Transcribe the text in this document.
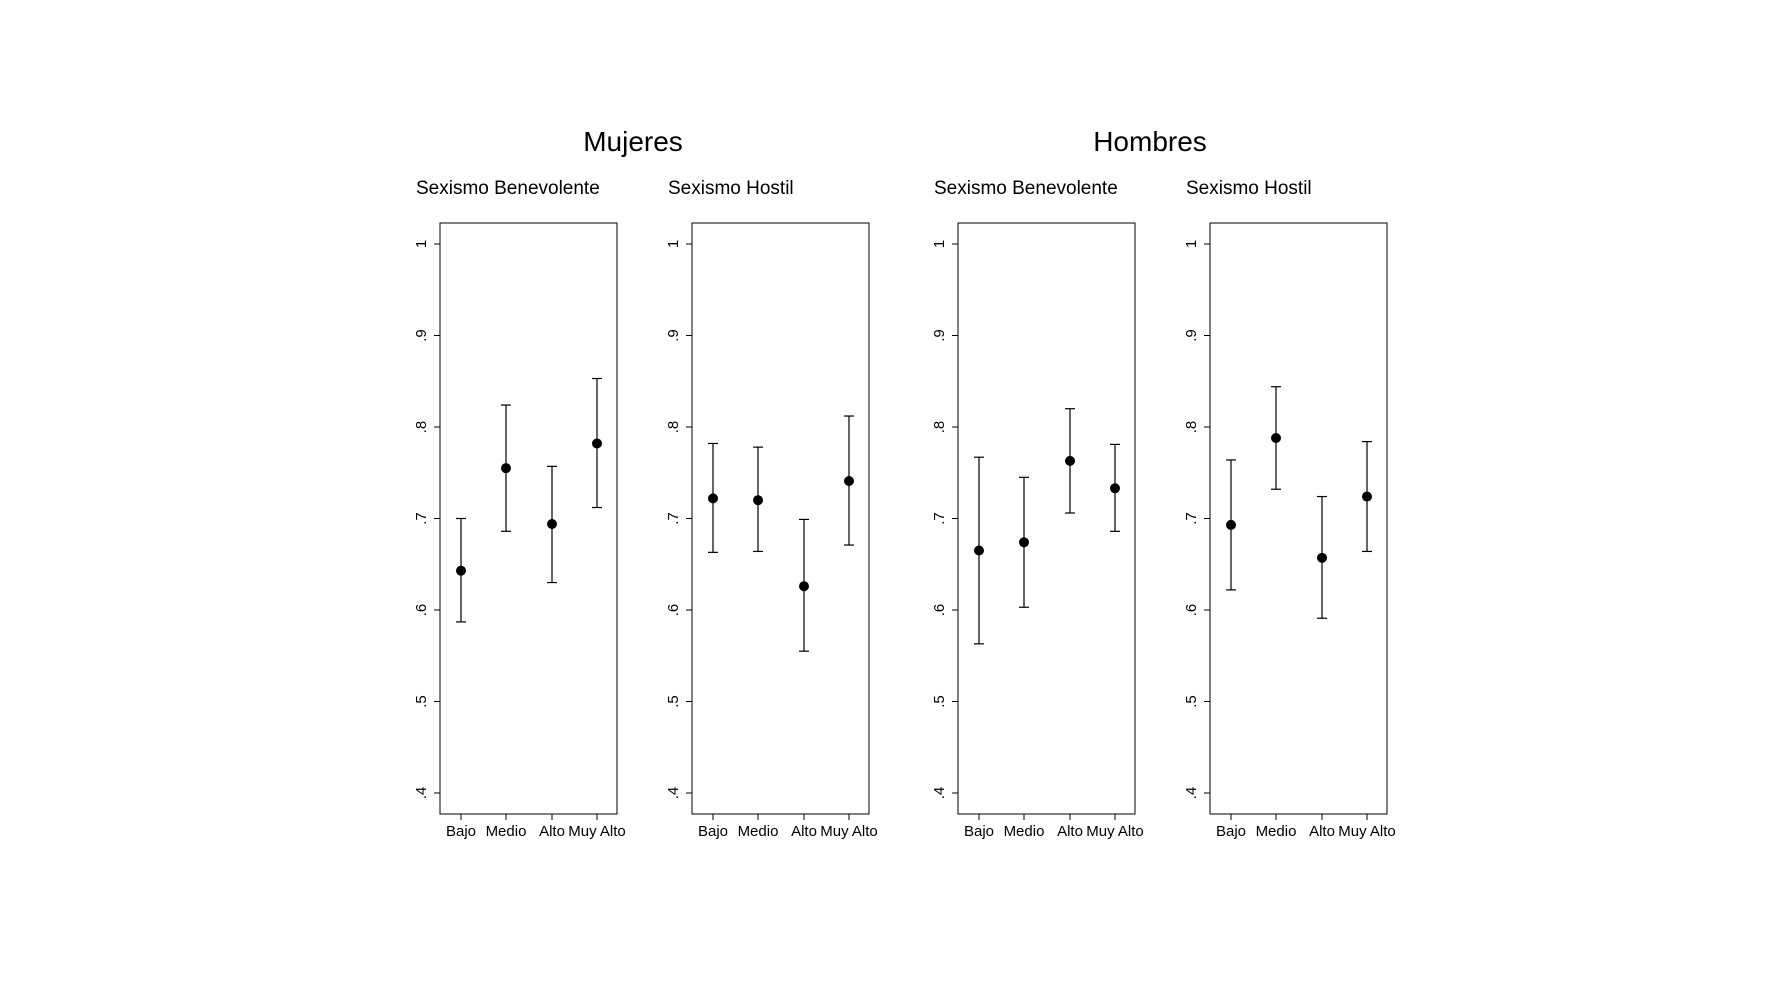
Mujeres	Hombres
Sexismo Benevolente
.4
.5
.6
.7
.8
.9
1
Bajo Medio Alto Muy Alto
Sexismo Hostil
.4
.5
.6
.7
.8
.9
1
Bajo Medio Alto Muy Alto
Sexismo Benevolente
.4
.5
.6
.7
.8
.9
1
Bajo Medio Alto Muy Alto
Sexismo Hostil
.4
.5
.6
.7
.8
.9
1
Bajo Medio Alto Muy Alto
